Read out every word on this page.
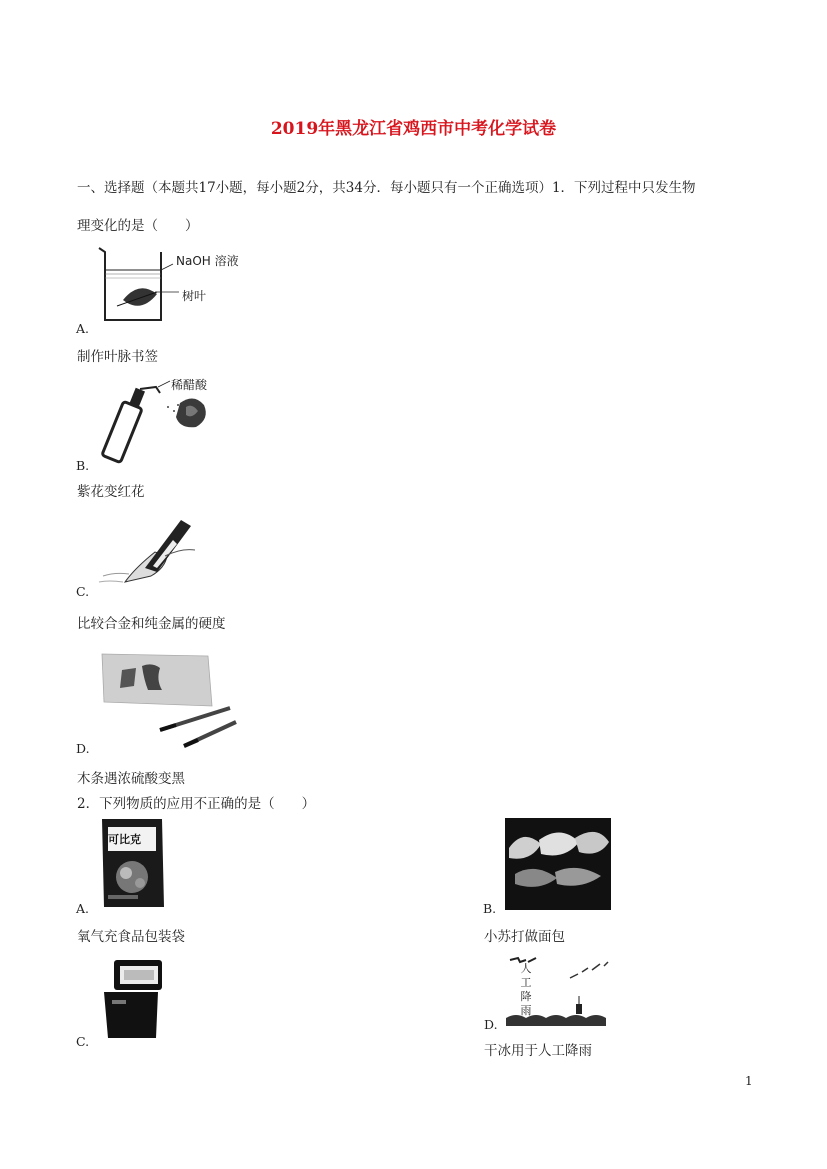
2019年黑龙江省鸡西市中考化学试卷
一、选择题（本题共17小题，每小题2分，共34分．每小题只有一个正确选项）1．下列过程中只发生物
理变化的是（　　）
NaOH 溶液
树叶
A.
制作叶脉书签
稀醋酸
B.
紫花变红花
C.
比较合金和纯金属的硬度
D.
木条遇浓硫酸变黑
2．下列物质的应用不正确的是（　　）
可比克
A.
氧气充食品包装袋
B.
小苏打做面包
C.
人
工
降
雨
D.
干冰用于人工降雨
1
